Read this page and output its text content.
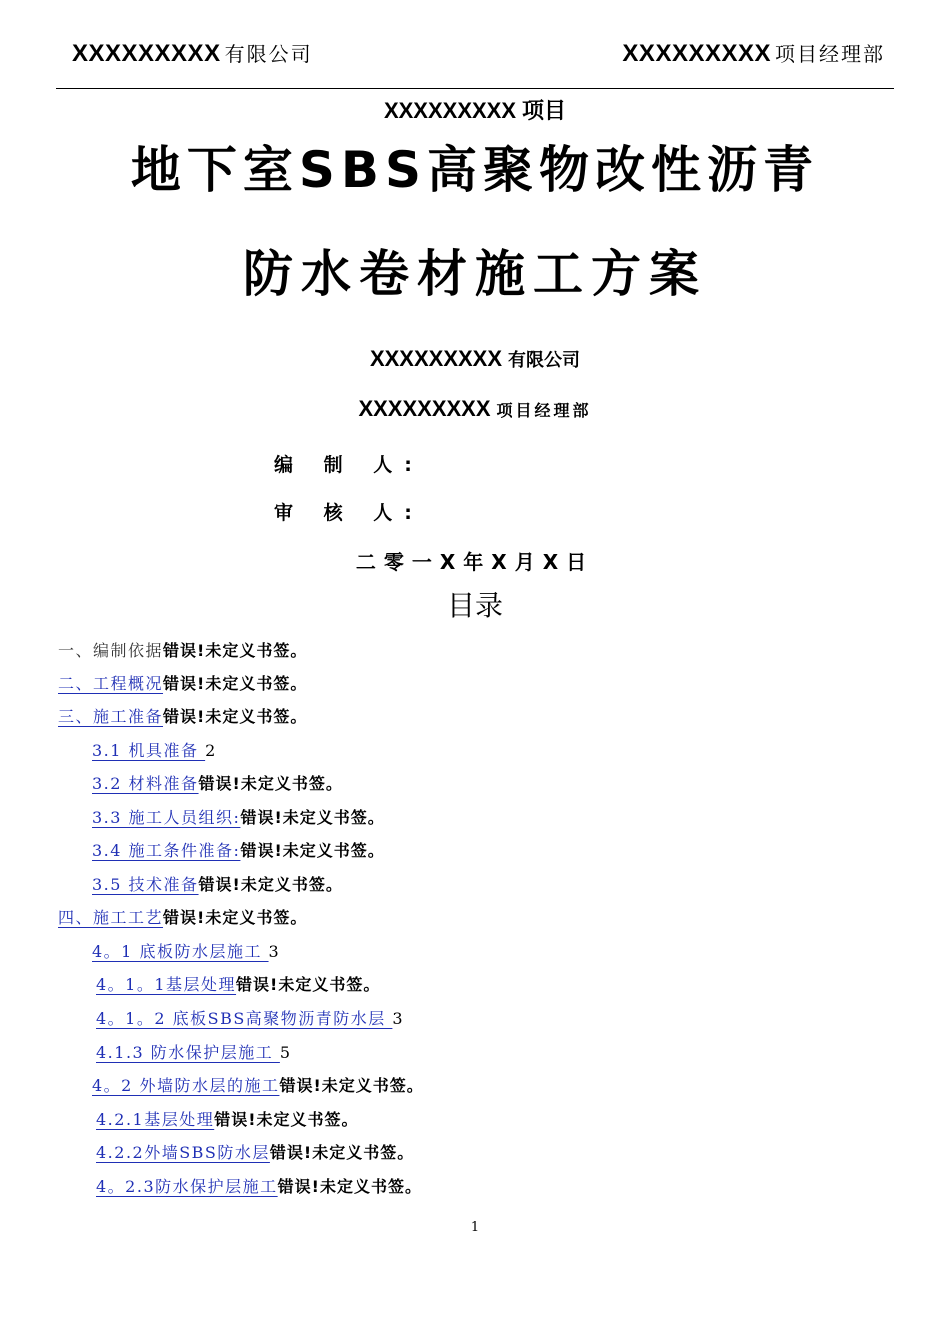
XXXXXXXXX 有限公司	XXXXXXXXX 项目经理部
XXXXXXXXX 项目
地下室SBS高聚物改性沥青
防水卷材施工方案
XXXXXXXXX 有限公司
XXXXXXXXX 项目经理部
编 制 人:
审 核 人:
二零一X年X月X日
目录
一、编制依据错误!未定义书签。
二、工程概况错误!未定义书签。
三、施工准备错误!未定义书签。
3.1 机具准备 2
3.2 材料准备错误!未定义书签。
3.3 施工人员组织:错误!未定义书签。
3.4 施工条件准备:错误!未定义书签。
3.5 技术准备错误!未定义书签。
四、施工工艺错误!未定义书签。
4。1 底板防水层施工 3
4。1。1基层处理错误!未定义书签。
4。1。2 底板SBS高聚物沥青防水层 3
4.1.3 防水保护层施工 5
4。2 外墙防水层的施工错误!未定义书签。
4.2.1基层处理错误!未定义书签。
4.2.2外墙SBS防水层错误!未定义书签。
4。2.3防水保护层施工错误!未定义书签。
1
